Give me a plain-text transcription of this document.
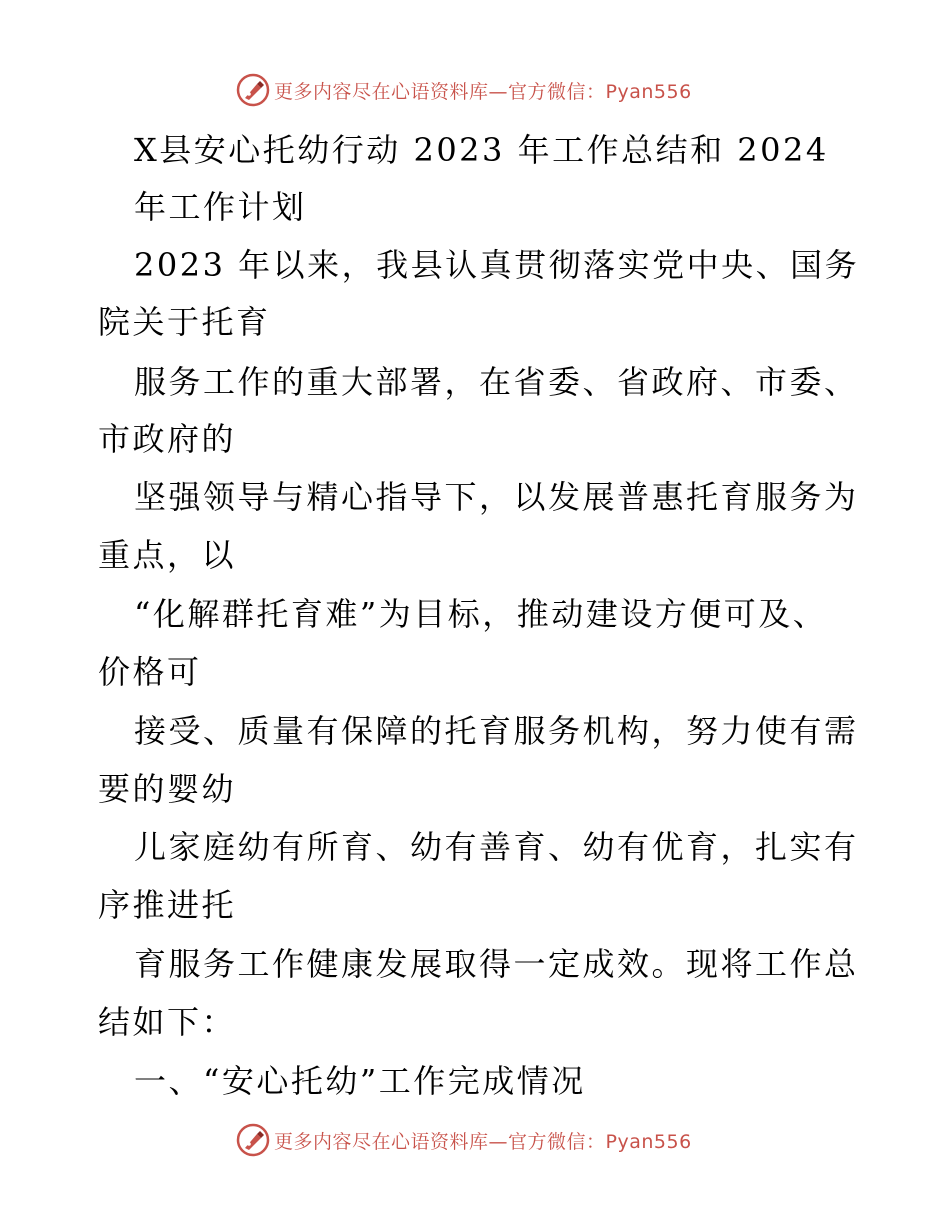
更多内容尽在心语资料库—官方微信：Pyan556
X县安心托幼行动 2023 年工作总结和 2024
年工作计划
2023 年以来，我县认真贯彻落实党中央、国务
院关于托育
服务工作的重大部署，在省委、省政府、市委、
市政府的
坚强领导与精心指导下，以发展普惠托育服务为
重点，以
“化解群托育难”为目标，推动建设方便可及、
价格可
接受、质量有保障的托育服务机构，努力使有需
要的婴幼
儿家庭幼有所育、幼有善育、幼有优育，扎实有
序推进托
育服务工作健康发展取得一定成效。现将工作总
结如下：
一、“安心托幼”工作完成情况
更多内容尽在心语资料库—官方微信：Pyan556
